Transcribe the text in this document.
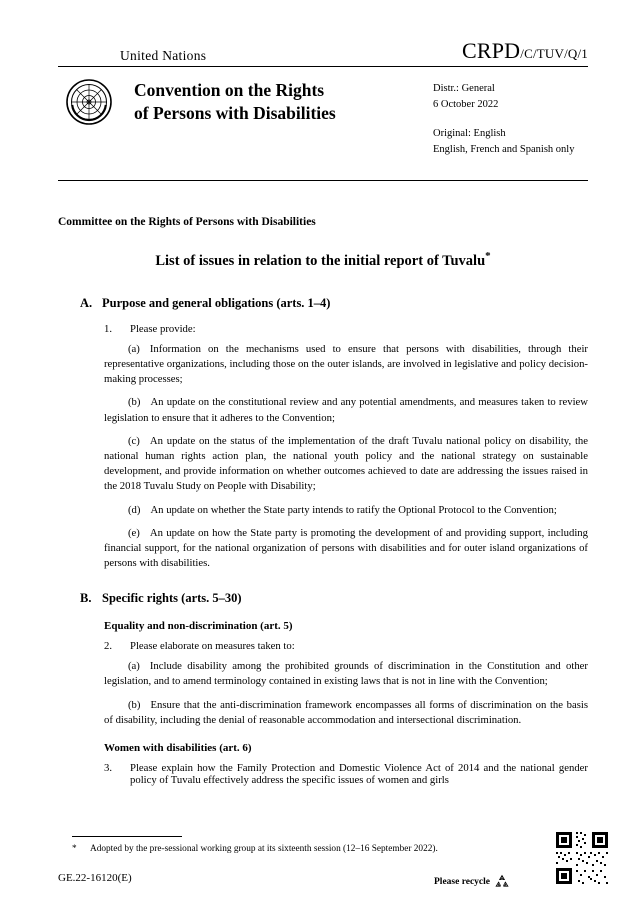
United Nations	CRPD/C/TUV/Q/1
Convention on the Rights
of Persons with Disabilities
Distr.: General
6 October 2022
Original: English
English, French and Spanish only
Committee on the Rights of Persons with Disabilities
List of issues in relation to the initial report of Tuvalu*
A. Purpose and general obligations (arts. 1–4)
1.	Please provide:

(a) Information on the mechanisms used to ensure that persons with disabilities, through their representative organizations, including those on the outer islands, are involved in legislative and policy decision-making processes;

(b) An update on the constitutional review and any potential amendments, and measures taken to review legislation to ensure that it adheres to the Convention;

(c) An update on the status of the implementation of the draft Tuvalu national policy on disability, the national human rights action plan, the national youth policy and the national strategy on sustainable development, and provide information on whether outcomes achieved to date are addressing the issues raised in the 2018 Tuvalu Study on People with Disability;

(d) An update on whether the State party intends to ratify the Optional Protocol to the Convention;

(e) An update on how the State party is promoting the development of and providing support, including financial support, for the national organization of persons with disabilities and for outer island organizations of persons with disabilities.

B. Specific rights (arts. 5–30)
Equality and non-discrimination (art. 5)
2.	Please elaborate on measures taken to:

(a) Include disability among the prohibited grounds of discrimination in the Constitution and other legislation, and to amend terminology contained in existing laws that is not in line with the Convention;

(b) Ensure that the anti-discrimination framework encompasses all forms of discrimination on the basis of disability, including the denial of reasonable accommodation and intersectional discrimination.

Women with disabilities (art. 6)
3.	Please explain how the Family Protection and Domestic Violence Act of 2014 and the national gender policy of Tuvalu effectively address the specific issues of women and girls
* Adopted by the pre-sessional working group at its sixteenth session (12–16 September 2022).
GE.22-16120(E)	Please recycle
